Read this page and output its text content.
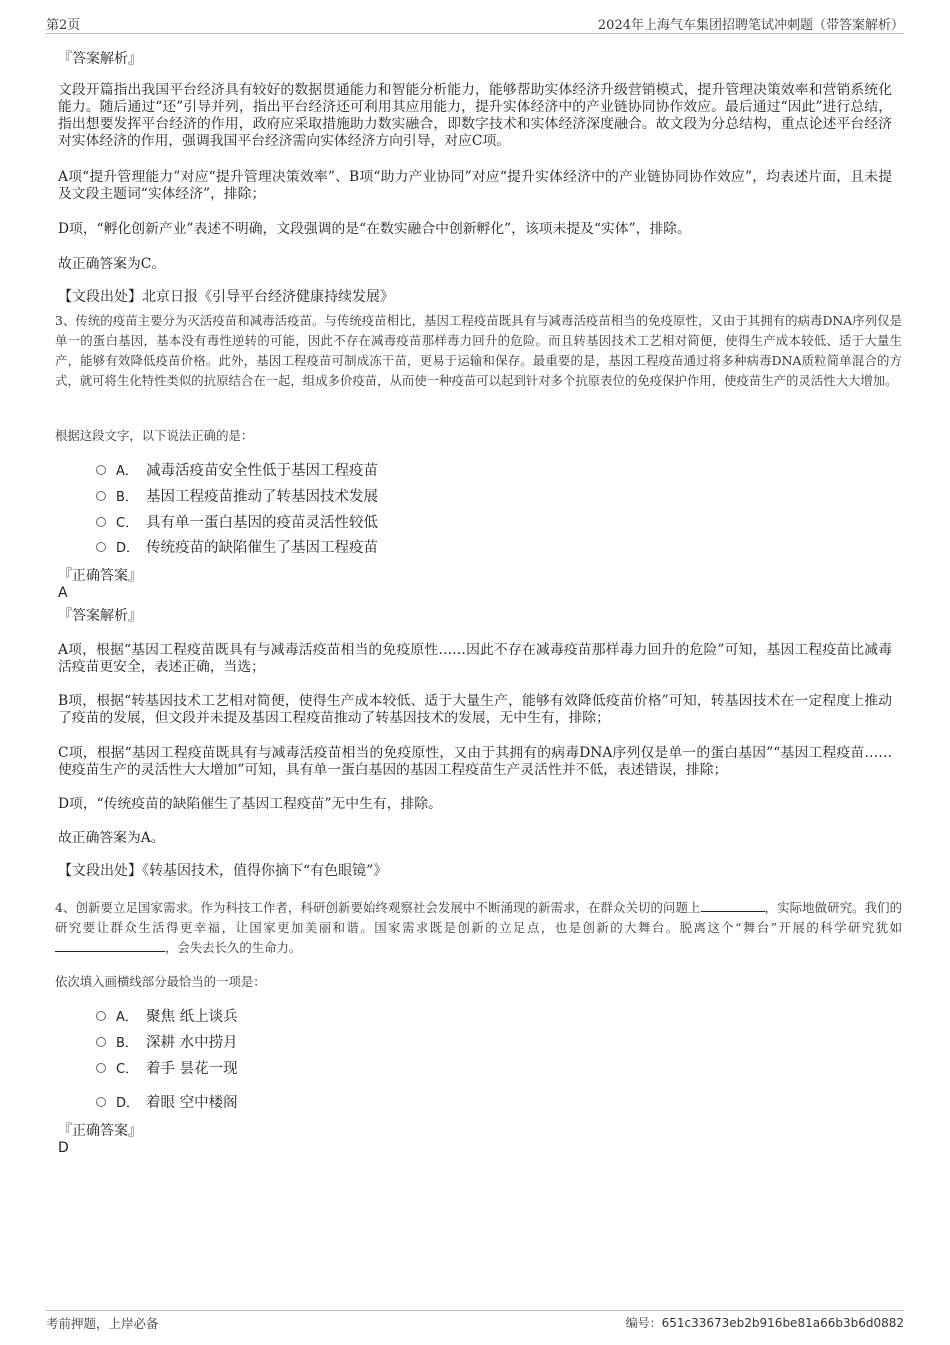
第2页	2024年上海气车集团招聘笔试冲刺题（带答案解析）
『答案解析』
文段开篇指出我国平台经济具有较好的数据贯通能力和智能分析能力，能够帮助实体经济升级营销模式，提升管理决策效率和营销系统化能力。随后通过“还”引导并列，指出平台经济还可利用其应用能力，提升实体经济中的产业链协同协作效应。最后通过“因此”进行总结，指出想要发挥平台经济的作用，政府应采取措施助力数实融合，即数字技术和实体经济深度融合。故文段为分总结构，重点论述平台经济对实体经济的作用，强调我国平台经济需向实体经济方向引导，对应C项。
A项“提升管理能力”对应“提升管理决策效率”、B项“助力产业协同”对应“提升实体经济中的产业链协同协作效应”，均表述片面，且未提及文段主题词“实体经济”，排除；
D项，“孵化创新产业”表述不明确，文段强调的是“在数实融合中创新孵化”，该项未提及“实体”，排除。
故正确答案为C。
【文段出处】北京日报《引导平台经济健康持续发展》
3、传统的疫苗主要分为灭活疫苗和减毒活疫苗。与传统疫苗相比，基因工程疫苗既具有与减毒活疫苗相当的免疫原性，又由于其拥有的病毒DNA序列仅是单一的蛋白基因，基本没有毒性逆转的可能，因此不存在减毒疫苗那样毒力回升的危险。而且转基因技术工艺相对简便，使得生产成本较低、适于大量生产，能够有效降低疫苗价格。此外，基因工程疫苗可制成冻干苗，更易于运输和保存。最重要的是，基因工程疫苗通过将多种病毒DNA质粒简单混合的方式，就可将生化特性类似的抗原结合在一起，组成多价疫苗，从而使一种疫苗可以起到针对多个抗原表位的免疫保护作用，使疫苗生产的灵活性大大增加。
根据这段文字，以下说法正确的是：
A． 减毒活疫苗安全性低于基因工程疫苗
B． 基因工程疫苗推动了转基因技术发展
C． 具有单一蛋白基因的疫苗灵活性较低
D． 传统疫苗的缺陷催生了基因工程疫苗
『正确答案』
A
『答案解析』
A项，根据“基因工程疫苗既具有与减毒活疫苗相当的免疫原性……因此不存在减毒疫苗那样毒力回升的危险”可知，基因工程疫苗比减毒活疫苗更安全，表述正确，当选；
B项，根据“转基因技术工艺相对简便，使得生产成本较低、适于大量生产，能够有效降低疫苗价格”可知，转基因技术在一定程度上推动了疫苗的发展，但文段并未提及基因工程疫苗推动了转基因技术的发展，无中生有，排除；
C项，根据“基因工程疫苗既具有与减毒活疫苗相当的免疫原性，又由于其拥有的病毒DNA序列仅是单一的蛋白基因”“基因工程疫苗……使疫苗生产的灵活性大大增加”可知，具有单一蛋白基因的基因工程疫苗生产灵活性并不低，表述错误，排除；
D项，“传统疫苗的缺陷催生了基因工程疫苗”无中生有，排除。
故正确答案为A。
【文段出处】《转基因技术，值得你摘下“有色眼镜”》
4、创新要立足国家需求。作为科技工作者，科研创新要始终观察社会发展中不断涌现的新需求，在群众关切的问题上	，实际地做研究。我们的研究要让群众生活得更幸福，让国家更加美丽和谐。国家需求既是创新的立足点，也是创新的大舞台。脱离这个“舞台”开展的科学研究犹如，会失去长久的生命力。
依次填入画横线部分最恰当的一项是：
A． 聚焦 纸上谈兵
B． 深耕 水中捞月
C． 着手 昙花一现
D． 着眼 空中楼阁
『正确答案』
D
考前押题，上岸必备	编号：651c33673eb2b916be81a66b3b6d0882
